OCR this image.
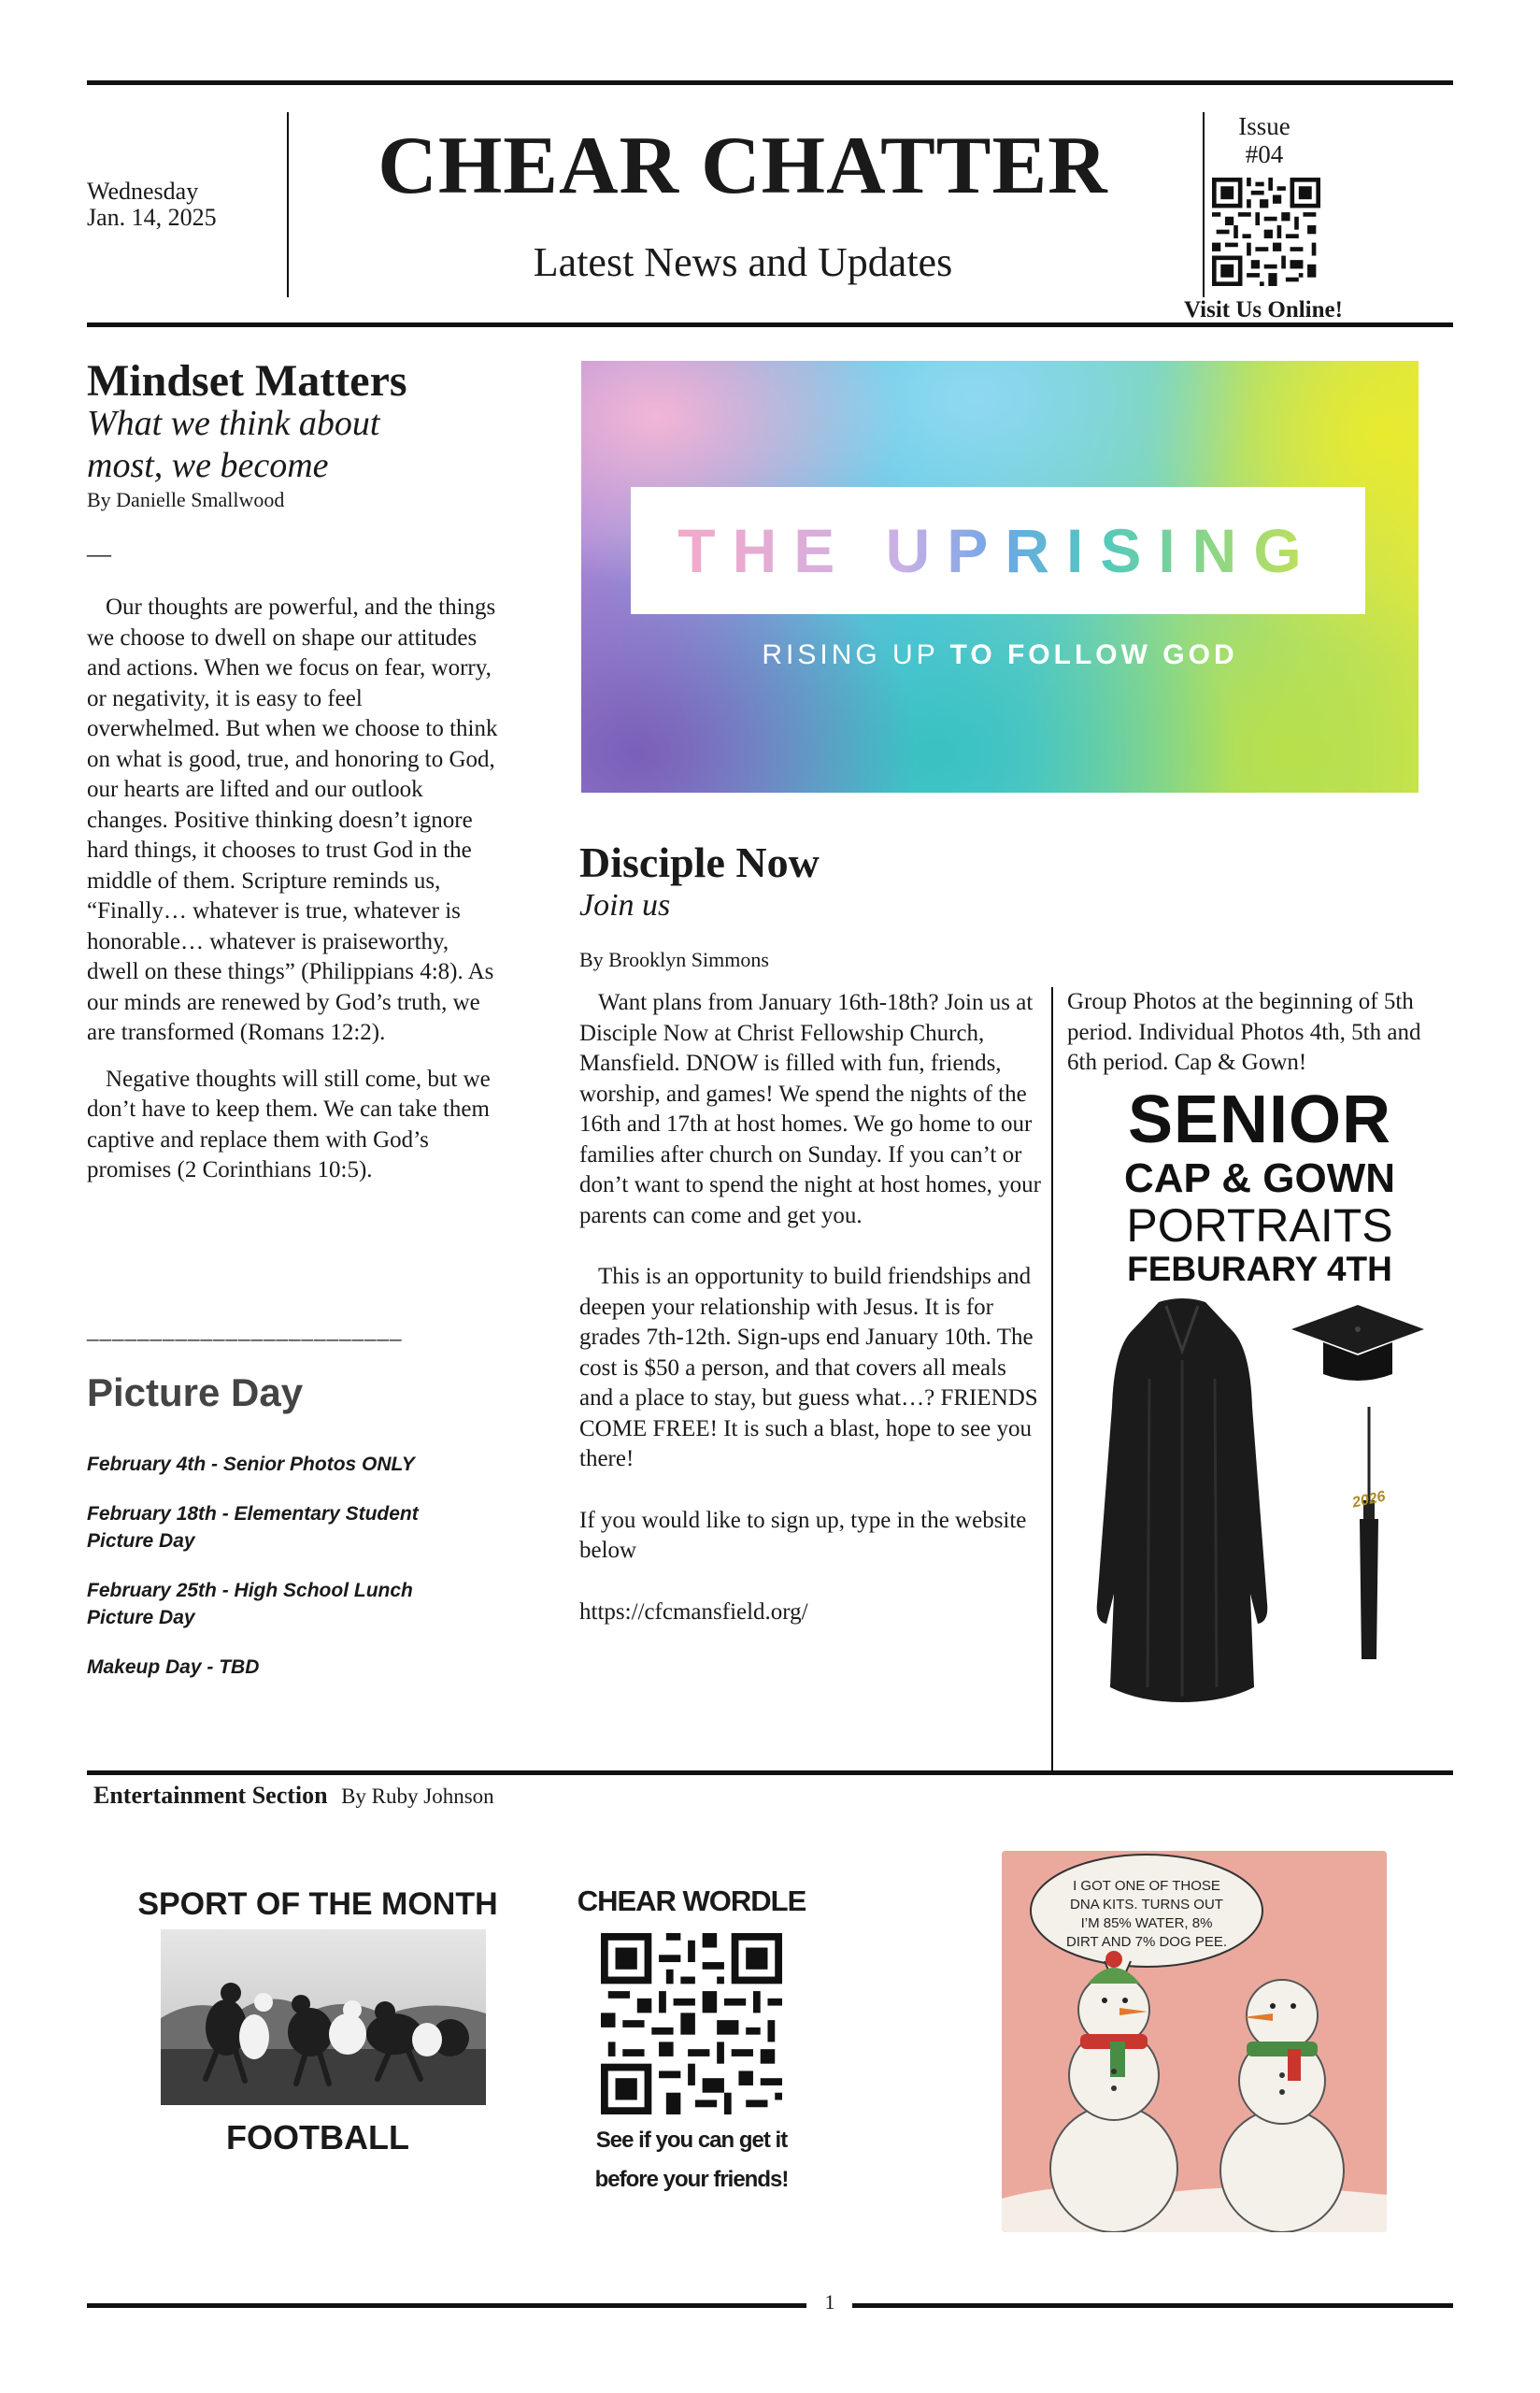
Wednesday
Jan. 14, 2025
CHEAR CHATTER
Latest News and Updates
Issue
#04
Visit Us Online!
Mindset Matters
What we think about
most, we become
By Danielle Smallwood
—

Our thoughts are powerful, and the things we choose to dwell on shape our attitudes and actions. When we focus on fear, worry, or negativity, it is easy to feel overwhelmed. But when we choose to think on what is good, true, and honoring to God, our hearts are lifted and our outlook changes. Positive thinking doesn’t ignore hard things, it chooses to trust God in the middle of them. Scripture reminds us, “Finally… whatever is true, whatever is honorable… whatever is praiseworthy, dwell on these things” (Philippians 4:8). As our minds are renewed by God’s truth, we are transformed (Romans 12:2).

Negative thoughts will still come, but we don’t have to keep them. We can take them captive and replace them with God’s promises (2 Corinthians 10:5).

_________________________
Picture Day
February 4th - Senior Photos ONLY
February 18th - Elementary Student Picture Day
February 25th - High School Lunch Picture Day
Makeup Day - TBD
THE UPRISING
RISING UP TO FOLLOW GOD
Disciple Now
Join us
By Brooklyn Simmons

Want plans from January 16th-18th? Join us at Disciple Now at Christ Fellowship Church, Mansfield. DNOW is filled with fun, friends, worship, and games! We spend the nights of the 16th and 17th at host homes. We go home to our families after church on Sunday. If you can’t or don’t want to spend the night at host homes, your parents can come and get you.

This is an opportunity to build friendships and deepen your relationship with Jesus. It is for grades 7th-12th. Sign-ups end January 10th. The cost is $50 a person, and that covers all meals and a place to stay, but guess what…? FRIENDS COME FREE! It is such a blast, hope to see you there!

If you would like to sign up, type in the website below

https://cfcmansfield.org/

Group Photos at the beginning of 5th period. Individual Photos 4th, 5th and 6th period. Cap & Gown!
SENIOR
CAP & GOWN
PORTRAITS
FEBURARY 4TH
2026
Entertainment Section By Ruby Johnson
SPORT OF THE MONTH
FOOTBALL
CHEAR WORDLE
See if you can get it
before your friends!
I GOT ONE OF THOSE
DNA KITS. TURNS OUT
I’M 85% WATER, 8%
DIRT AND 7% DOG PEE.
1
